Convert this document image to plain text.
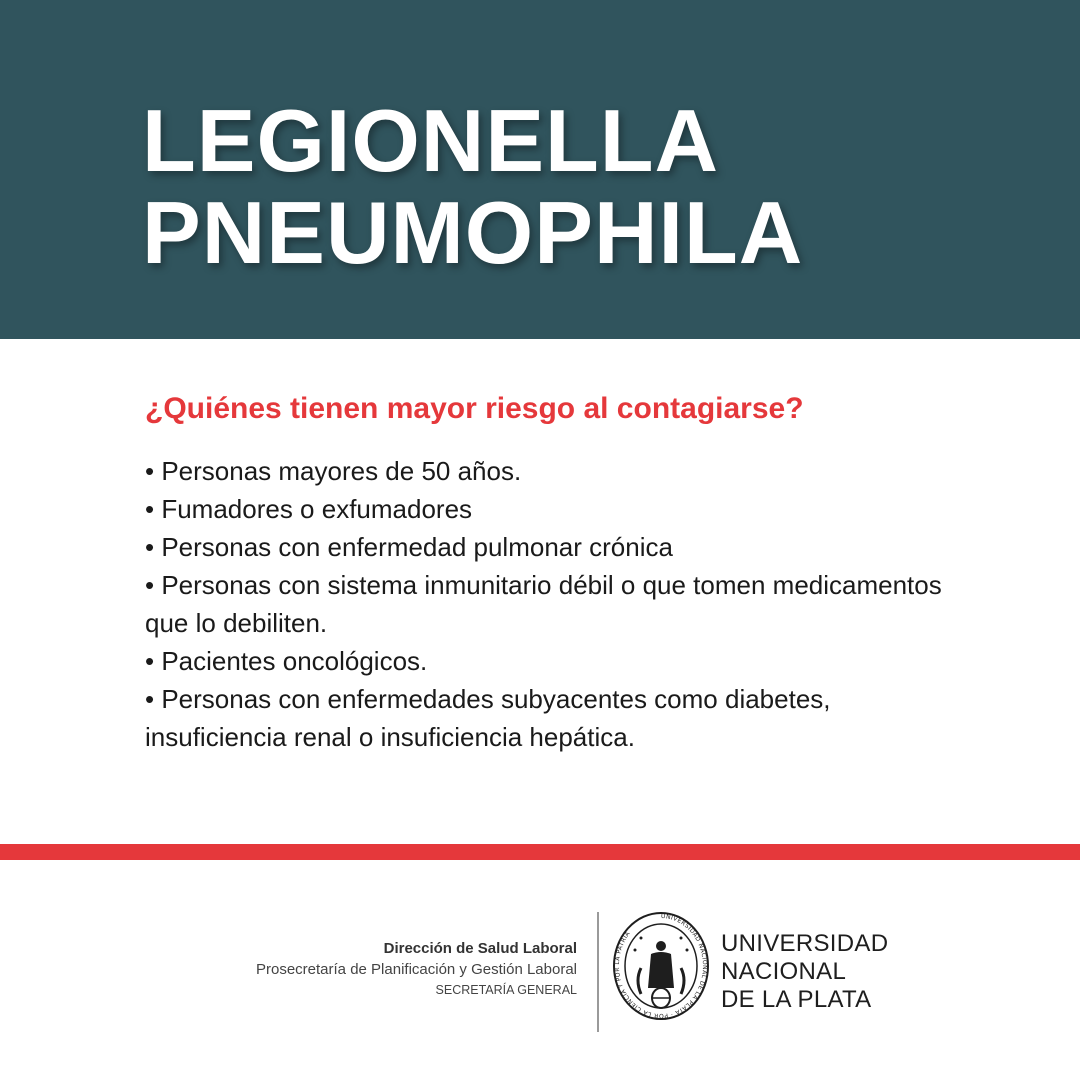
LEGIONELLA
PNEUMOPHILA
¿Quiénes tienen mayor riesgo al contagiarse?
• Personas mayores de 50 años.
• Fumadores o exfumadores
• Personas con enfermedad pulmonar crónica
• Personas con sistema inmunitario débil o que tomen medicamentos que lo debiliten.
• Pacientes oncológicos.
• Personas con enfermedades subyacentes como diabetes, insuficiencia renal o insuficiencia hepática.
Dirección de Salud Laboral
Prosecretaría de Planificación y Gestión Laboral
SECRETARÍA GENERAL
UNIVERSIDAD NACIONAL DE LA PLATA · POR LA CIENCIA Y POR LA PATRIA	UNIVERSIDAD
NACIONAL
DE LA PLATA
